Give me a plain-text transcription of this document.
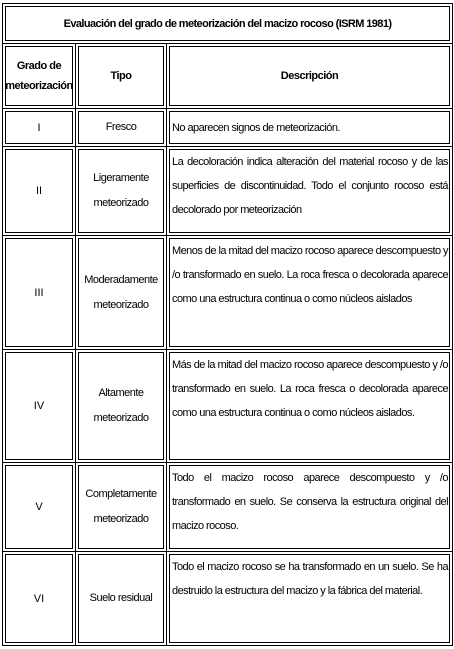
Evaluación del grado de meteorización del macizo rocoso (ISRM 1981)		

Grado de meteorización	Tipo	Descripción

I	Fresco	No aparecen signos de meteorización.

II	Ligeramente meteorizado	La decoloración indica alteración del material rocoso y de las superficies de discontinuidad. Todo el conjunto rocoso está decolorado por meteorización

III	Moderadamente meteorizado	Menos de la mitad del macizo rocoso aparece descompuesto y /o transformado en suelo. La roca fresca o decolorada aparece como una estructura continua o como núcleos aislados

IV	Altamente meteorizado	Más de la mitad del macizo rocoso aparece descompuesto y /o transformado en suelo. La roca fresca o decolorada aparece como una estructura continua o como núcleos aislados.

V	Completamente meteorizado	Todo el macizo rocoso aparece descompuesto y /o transformado en suelo. Se conserva la estructura original del macizo rocoso.

VI	Suelo residual	Todo el macizo rocoso se ha transformado en un suelo. Se ha destruido la estructura del macizo y la fábrica del material.
